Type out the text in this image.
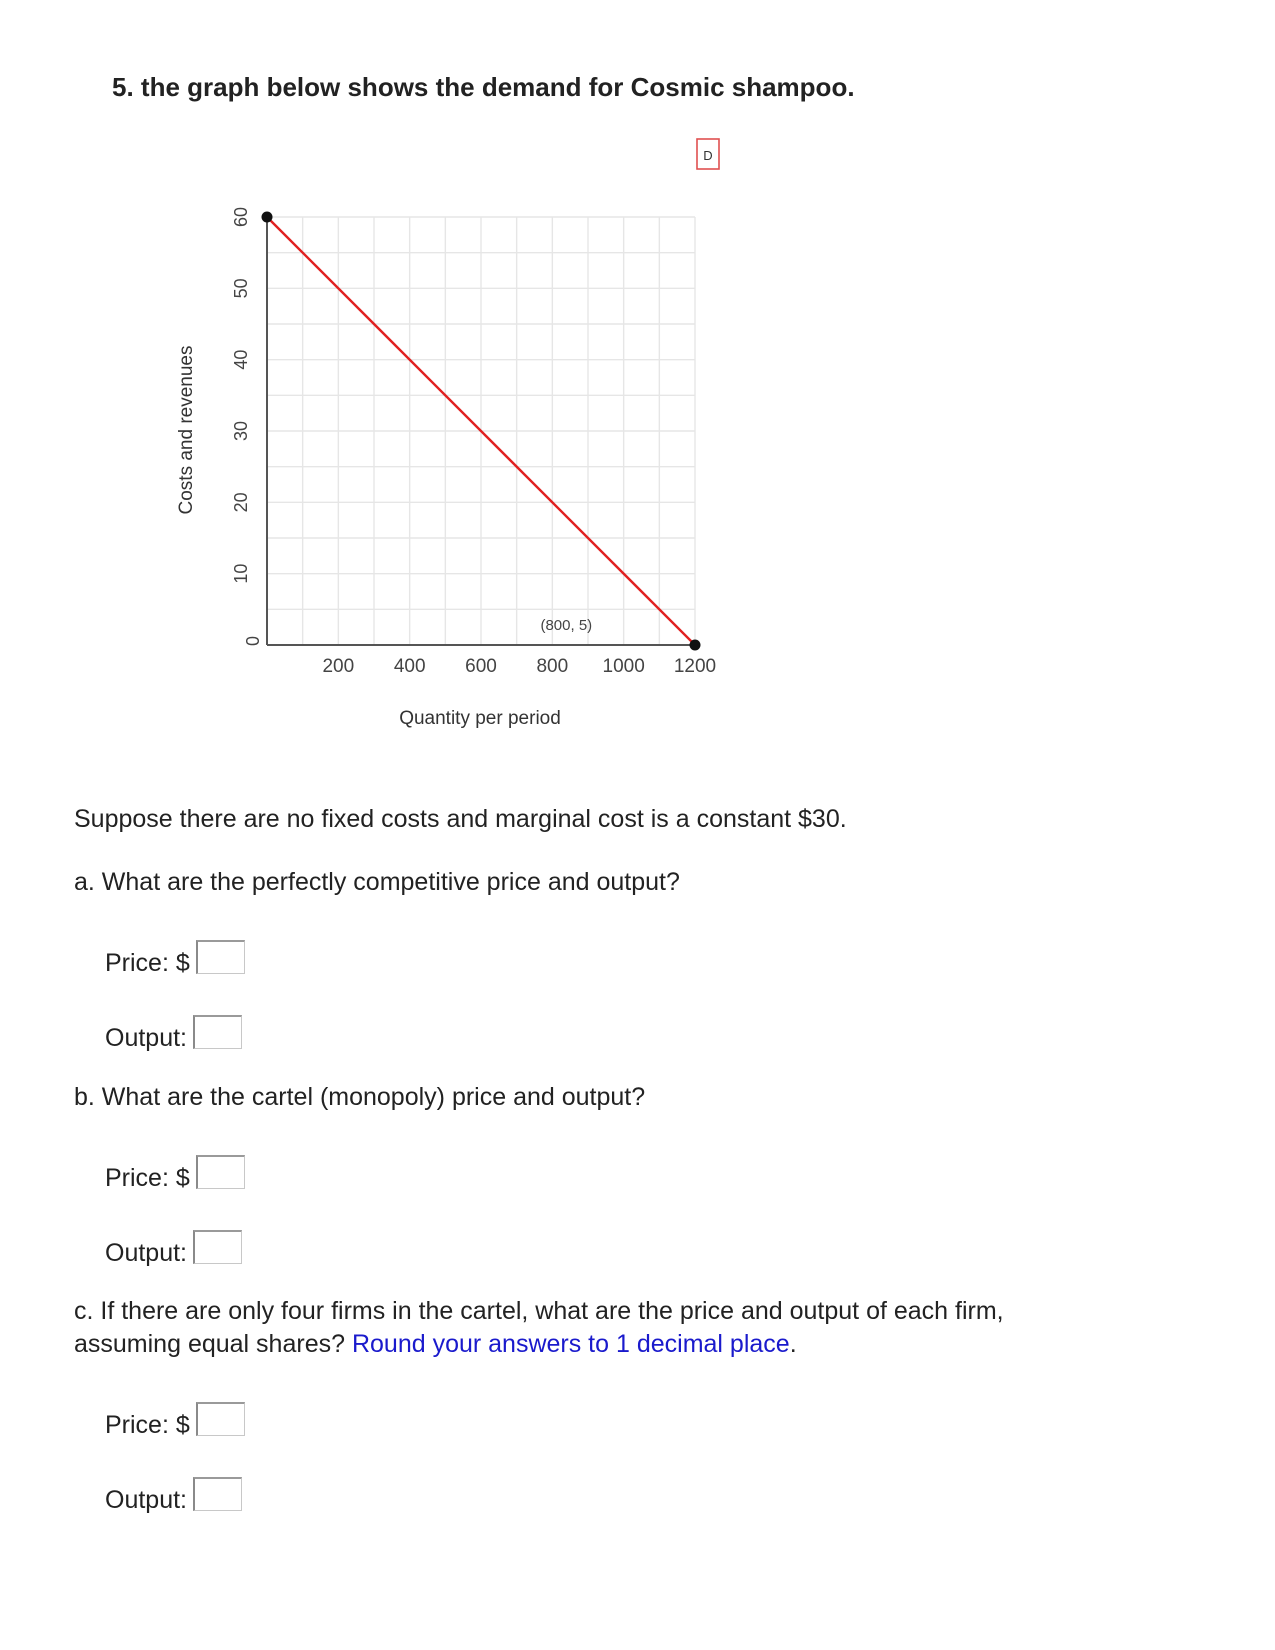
5. the graph below shows the demand for Cosmic shampoo.
0
10
20
30
40
50
60
200 400 600 800 1000 1200
Costs and revenues
Quantity per period
(800, 5)
D
Suppose there are no fixed costs and marginal cost is a constant $30.
a. What are the perfectly competitive price and output?
Price: $
Output:
b. What are the cartel (monopoly) price and output?
Price: $
Output:
c. If there are only four firms in the cartel, what are the price and output of each firm,
assuming equal shares? Round your answers to 1 decimal place.
Price: $
Output:
